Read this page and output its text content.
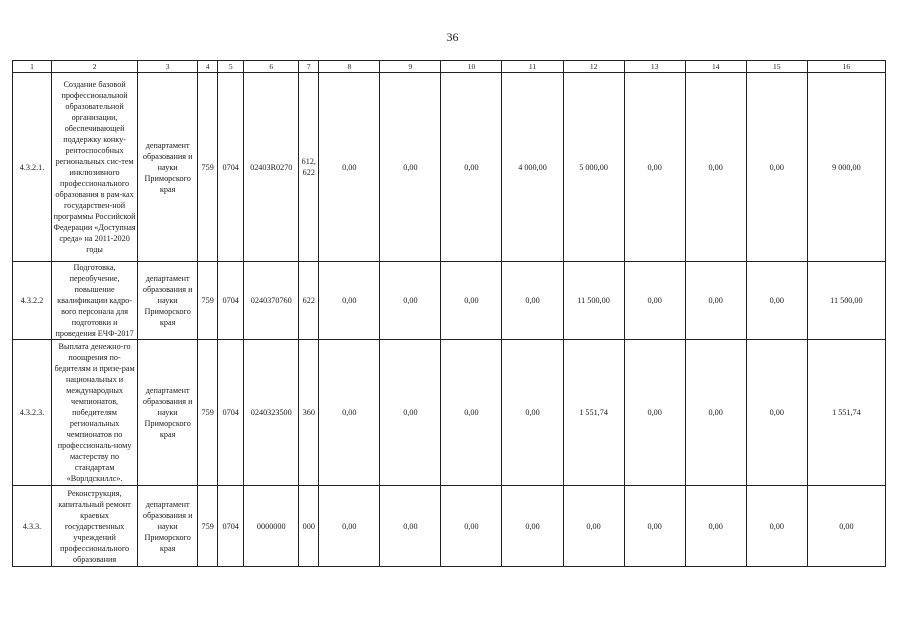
36
1	2	3	4	5	6	7	8	9	10	11	12	13	14	15	16
4.3.2.1.	Создание базовой профессиональной образовательной организации, обеспечивающей поддержку конку-рентоспособных региональных сис-тем инклюзивного профессионального образования в рам-ках государствен-ной программы Российской Федерации «Доступная среда» на 2011-2020 годы	департамент образования и науки Приморского края	759	0704	02403R0270	612, 622	0,00	0,00	0,00	4 000,00	5 000,00	0,00	0,00	0,00	9 000,00
4.3.2.2	Подготовка, переобучение, повышение квалификации кадро-вого персонала для подготовки и проведения ЕЧФ-2017	департамент образования и науки Приморского края	759	0704	0240370760	622	0,00	0,00	0,00	0,00	11 500,00	0,00	0,00	0,00	11 500,00
4.3.2.3.	Выплата денежно-го поощрения по-бедителям и призе-рам национальных и международных чемпионатов, победителям региональных чемпионатов по профессиональ-ному мастерству по стандартам «Ворлдскиллс».	департамент образования и науки Приморского края	759	0704	0240323500	360	0,00	0,00	0,00	0,00	1 551,74	0,00	0,00	0,00	1 551,74
4.3.3.	Реконструкция, капитальный ремонт краевых государственных учреждений профессионального образования	департамент образования и науки Приморского края	759	0704	0000000	000	0,00	0,00	0,00	0,00	0,00	0,00	0,00	0,00	0,00
